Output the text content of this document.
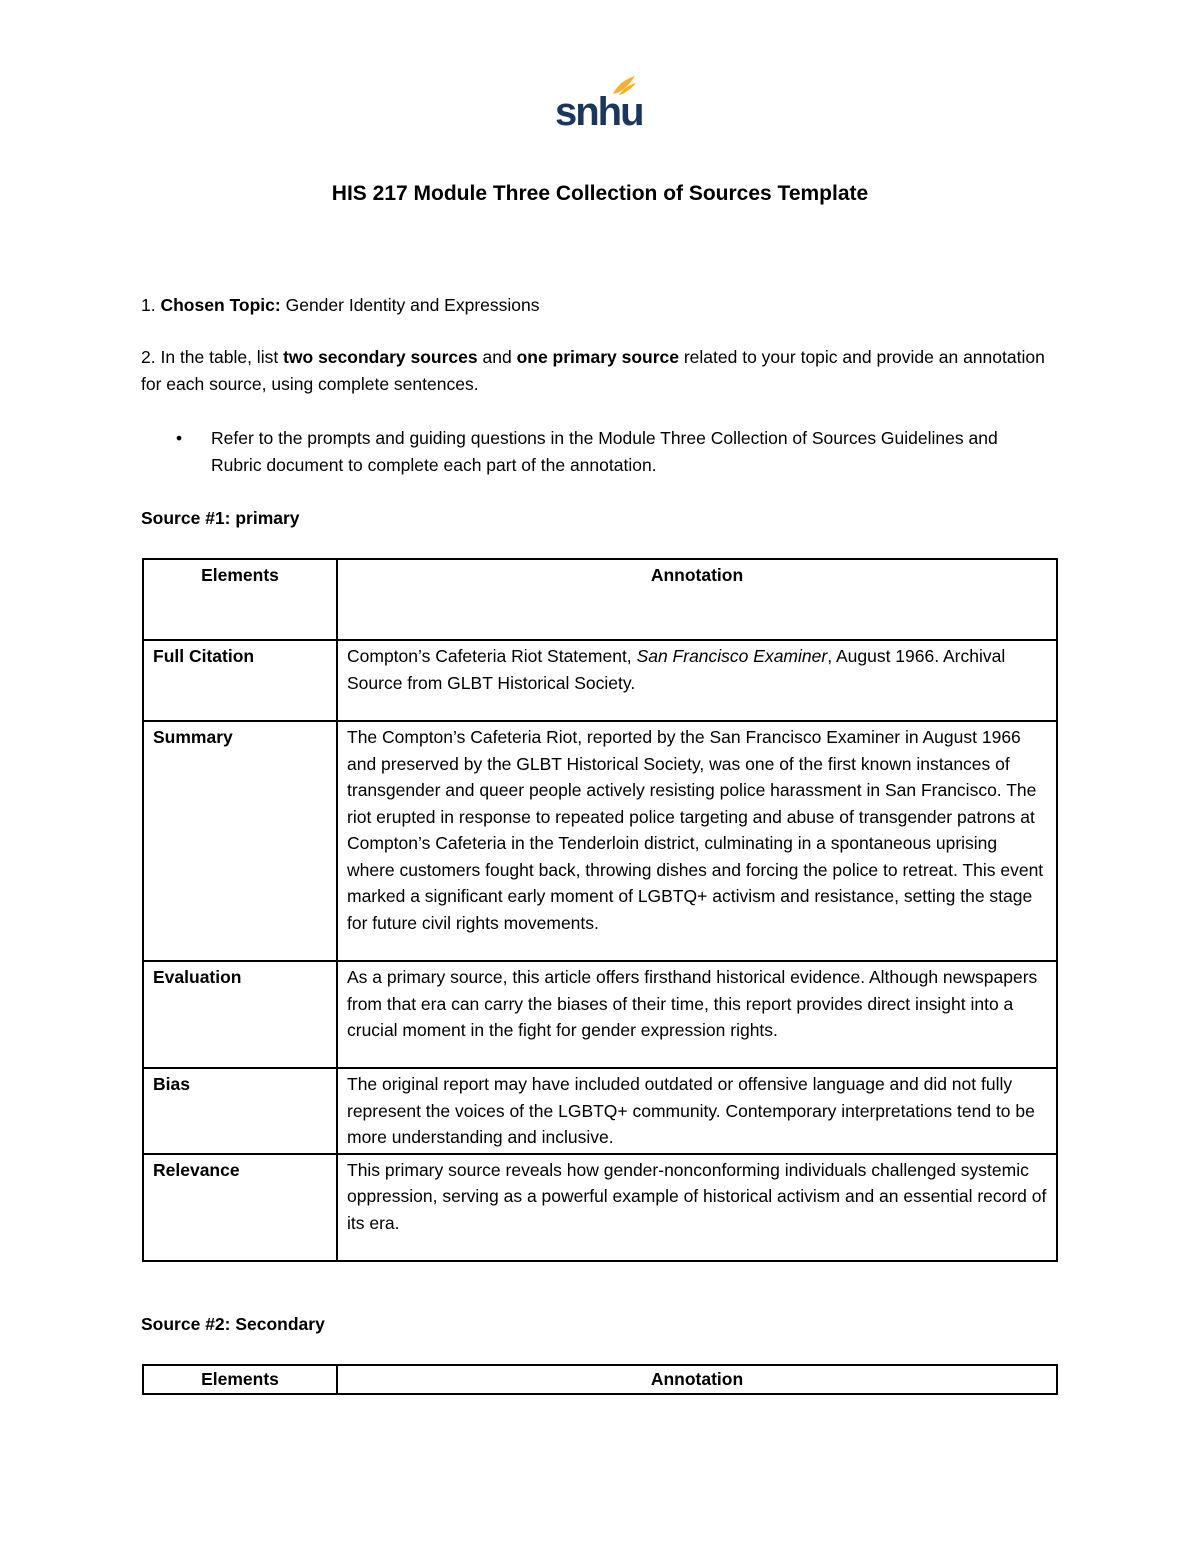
snhu
HIS 217 Module Three Collection of Sources Template
1. Chosen Topic: Gender Identity and Expressions
2. In the table, list two secondary sources and one primary source related to your topic and provide an annotation for each source, using complete sentences.
• Refer to the prompts and guiding questions in the Module Three Collection of Sources Guidelines and Rubric document to complete each part of the annotation.
Source #1: primary
Elements	Annotation
Full Citation	Compton’s Cafeteria Riot Statement, San Francisco Examiner, August 1966. Archival Source from GLBT Historical Society.
Summary	The Compton’s Cafeteria Riot, reported by the San Francisco Examiner in August 1966 and preserved by the GLBT Historical Society, was one of the first known instances of transgender and queer people actively resisting police harassment in San Francisco. The riot erupted in response to repeated police targeting and abuse of transgender patrons at Compton’s Cafeteria in the Tenderloin district, culminating in a spontaneous uprising where customers fought back, throwing dishes and forcing the police to retreat. This event marked a significant early moment of LGBTQ+ activism and resistance, setting the stage for future civil rights movements.
Evaluation	As a primary source, this article offers firsthand historical evidence. Although newspapers from that era can carry the biases of their time, this report provides direct insight into a crucial moment in the fight for gender expression rights.
Bias	The original report may have included outdated or offensive language and did not fully represent the voices of the LGBTQ+ community. Contemporary interpretations tend to be more understanding and inclusive.
Relevance	This primary source reveals how gender-nonconforming individuals challenged systemic oppression, serving as a powerful example of historical activism and an essential record of its era.
Source #2: Secondary
Elements	Annotation
